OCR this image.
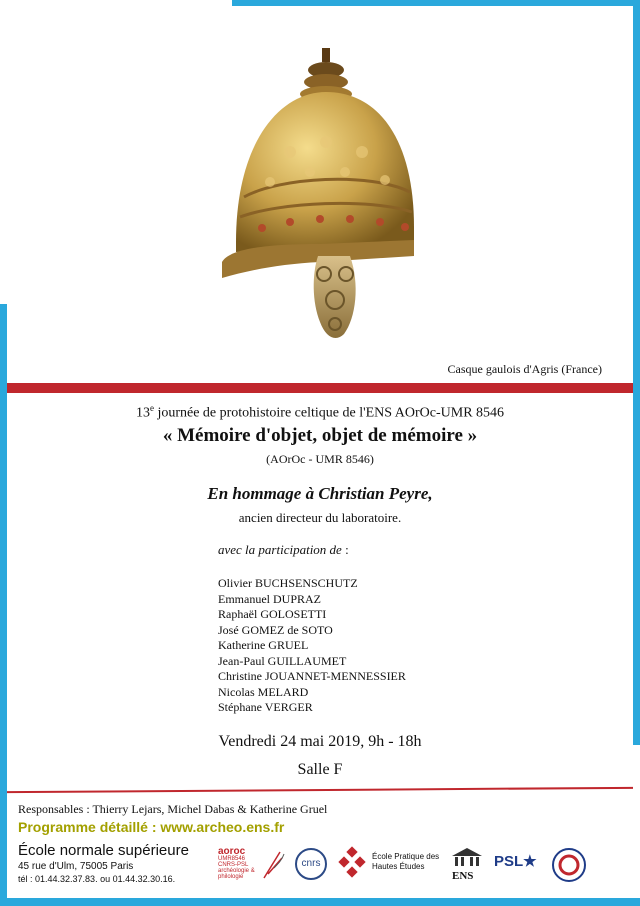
Casque gaulois d'Agris (France)
13e journée de protohistoire celtique de l'ENS AOrOc-UMR 8546
« Mémoire d'objet, objet de mémoire »
(AOrOc - UMR 8546)
En hommage à Christian Peyre,
ancien directeur du laboratoire.
avec la participation de :
Olivier BUCHSENSCHUTZ
Emmanuel DUPRAZ
Raphaël GOLOSETTI
José GOMEZ de SOTO
Katherine GRUEL
Jean-Paul GUILLAUMET
Christine JOUANNET-MENNESSIER
Nicolas MELARD
Stéphane VERGER
Vendredi 24 mai 2019, 9h - 18h
Salle F
Responsables : Thierry Lejars, Michel Dabas & Katherine Gruel
Programme détaillé : www.archeo.ens.fr
École normale supérieure
45 rue d'Ulm, 75005 Paris
tél : 01.44.32.37.83. ou 01.44.32.30.16.
aoroc
UMR8546 CNRS-PSL archéologie & philologie
cnrs
École Pratique des Hautes Études
ENS
PSL★
